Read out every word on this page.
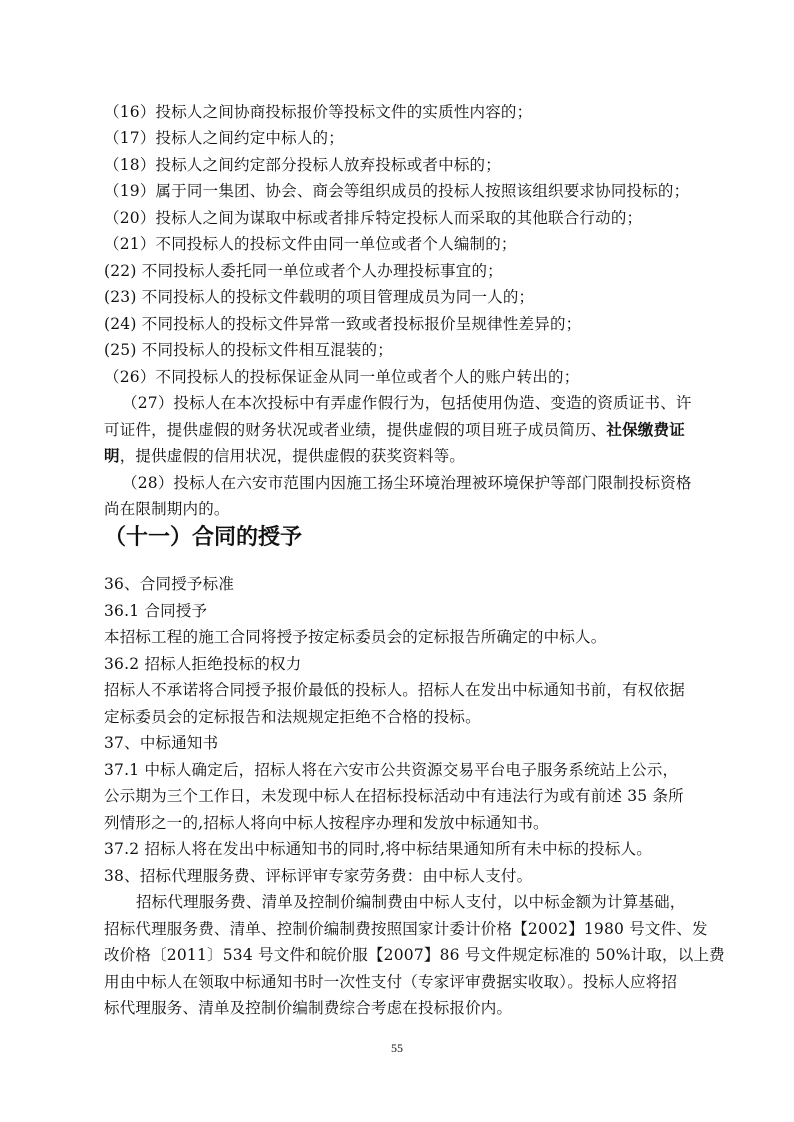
（16）投标人之间协商投标报价等投标文件的实质性内容的；
（17）投标人之间约定中标人的；
（18）投标人之间约定部分投标人放弃投标或者中标的；
（19）属于同一集团、协会、商会等组织成员的投标人按照该组织要求协同投标的；
（20）投标人之间为谋取中标或者排斥特定投标人而采取的其他联合行动的；
（21）不同投标人的投标文件由同一单位或者个人编制的；
(22) 不同投标人委托同一单位或者个人办理投标事宜的；
(23) 不同投标人的投标文件载明的项目管理成员为同一人的；
(24) 不同投标人的投标文件异常一致或者投标报价呈规律性差异的；
(25) 不同投标人的投标文件相互混装的；
（26）不同投标人的投标保证金从同一单位或者个人的账户转出的；
（27）投标人在本次投标中有弄虚作假行为，包括使用伪造、变造的资质证书、许
可证件，提供虚假的财务状况或者业绩，提供虚假的项目班子成员简历、社保缴费证
明，提供虚假的信用状况，提供虚假的获奖资料等。
（28）投标人在六安市范围内因施工扬尘环境治理被环境保护等部门限制投标资格
尚在限制期内的。
（十一）合同的授予
36、合同授予标准
36.1 合同授予
本招标工程的施工合同将授予按定标委员会的定标报告所确定的中标人。
36.2 招标人拒绝投标的权力
招标人不承诺将合同授予报价最低的投标人。招标人在发出中标通知书前，有权依据
定标委员会的定标报告和法规规定拒绝不合格的投标。
37、中标通知书
37.1 中标人确定后，招标人将在六安市公共资源交易平台电子服务系统站上公示，
公示期为三个工作日，未发现中标人在招标投标活动中有违法行为或有前述 35 条所
列情形之一的,招标人将向中标人按程序办理和发放中标通知书。
37.2 招标人将在发出中标通知书的同时,将中标结果通知所有未中标的投标人。
38、招标代理服务费、评标评审专家劳务费：由中标人支付。
招标代理服务费、清单及控制价编制费由中标人支付，以中标金额为计算基础，
招标代理服务费、清单、控制价编制费按照国家计委计价格【2002】1980 号文件、发
改价格〔2011〕534 号文件和皖价服【2007】86 号文件规定标准的 50%计取，以上费
用由中标人在领取中标通知书时一次性支付（专家评审费据实收取）。投标人应将招
标代理服务、清单及控制价编制费综合考虑在投标报价内。
55
